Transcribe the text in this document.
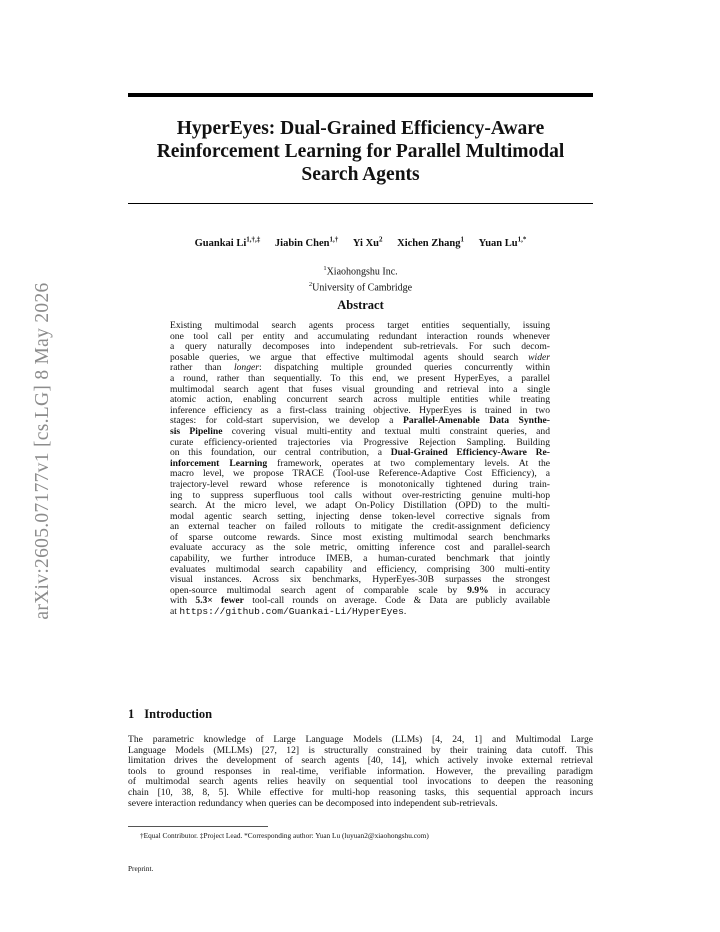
arXiv:2605.07177v1 [cs.LG] 8 May 2026
HyperEyes: Dual-Grained Efficiency-Aware
Reinforcement Learning for Parallel Multimodal
Search Agents
Guankai $Li^{1,\dagger,\ddagger}$ Jiabin Chen$^{1,\dagger}$ Yi Xu$^2$ Xichen Zhang$^1$ Yuan $Lu^{1,*}$
$^1$Xiaohongshu Inc.
$^2$University of Cambridge
Abstract
Existing multimodal search agents process target entities sequentially, issuing
one tool call per entity and accumulating redundant interaction rounds whenever
a query naturally decomposes into independent sub-retrievals. For such decom-
posable queries, we argue that effective multimodal agents should search wider
rather than longer: dispatching multiple grounded queries concurrently within
a round, rather than sequentially. To this end, we present HyperEyes, a parallel
multimodal search agent that fuses visual grounding and retrieval into a single
atomic action, enabling concurrent search across multiple entities while treating
inference efficiency as a first-class training objective. HyperEyes is trained in two
stages: for cold-start supervision, we develop a Parallel-Amenable Data Synthe-
sis Pipeline covering visual multi-entity and textual multi constraint queries, and
curate efficiency-oriented trajectories via Progressive Rejection Sampling. Building
on this foundation, our central contribution, a Dual-Grained Efficiency-Aware Re-
inforcement Learning framework, operates at two complementary levels. At the
macro level, we propose TRACE (Tool-use Reference-Adaptive Cost Efficiency), a
trajectory-level reward whose reference is monotonically tightened during train-
ing to suppress superfluous tool calls without over-restricting genuine multi-hop
search. At the micro level, we adapt On-Policy Distillation (OPD) to the multi-
modal agentic search setting, injecting dense token-level corrective signals from
an external teacher on failed rollouts to mitigate the credit-assignment deficiency
of sparse outcome rewards. Since most existing multimodal search benchmarks
evaluate accuracy as the sole metric, omitting inference cost and parallel-search
capability, we further introduce IMEB, a human-curated benchmark that jointly
evaluates multimodal search capability and efficiency, comprising 300 multi-entity
visual instances. Across six benchmarks, HyperEyes-30B surpasses the strongest
open-source multimodal search agent of comparable scale by 9.9% in accuracy
with 5.3× fewer tool-call rounds on average. Code & Data are publicly available
at https://github.com/Guankai-Li/HyperEyes.
1 Introduction
The parametric knowledge of Large Language Models (LLMs) [4, 24, 1] and Multimodal Large
Language Models (MLLMs) [27, 12] is structurally constrained by their training data cutoff. This
limitation drives the development of search agents [40, 14], which actively invoke external retrieval
tools to ground responses in real-time, verifiable information. However, the prevailing paradigm
of multimodal search agents relies heavily on sequential tool invocations to deepen the reasoning
chain [10, 38, 8, 5]. While effective for multi-hop reasoning tasks, this sequential approach incurs
severe interaction redundancy when queries can be decomposed into independent sub-retrievals.
†Equal Contributor. ‡Project Lead. *Corresponding author: Yuan Lu (luyuan2@xiaohongshu.com)
Preprint.
